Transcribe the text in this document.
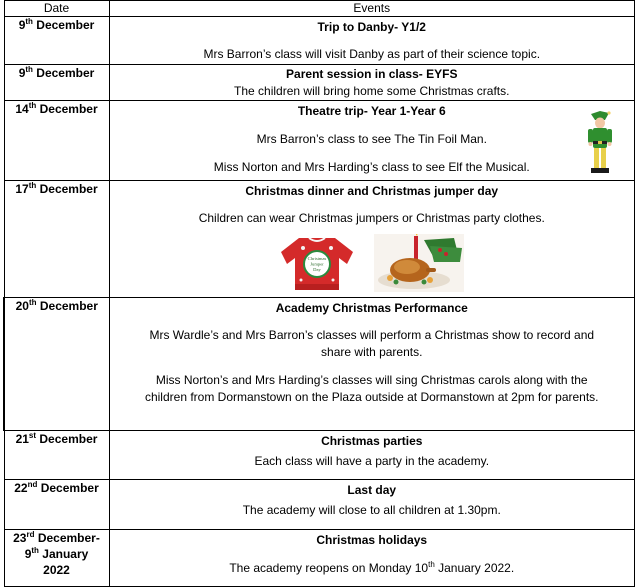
Date	Events
9th December	Trip to Danby- Y1/2
Mrs Barron’s class will visit Danby as part of their science topic.

9th December	Parent session in class- EYFS
The children will bring home some Christmas crafts.

14th December	Theatre trip- Year 1-Year 6
Mrs Barron’s class to see The Tin Foil Man.
Miss Norton and Mrs Harding’s class to see Elf the Musical.

17th December	Christmas dinner and Christmas jumper day
Children can wear Christmas jumpers or Christmas party clothes.
Christmas
Jumper
Day

20th December	Academy Christmas Performance
Mrs Wardle’s and Mrs Barron’s classes will perform a Christmas show to record and
share with parents.
Miss Norton’s and Mrs Harding’s classes will sing Christmas carols along with the
children from Dormanstown on the Plaza outside at Dormanstown at 2pm for parents.

21st December	Christmas parties
Each class will have a party in the academy.

22nd December	Last day
The academy will close to all children at 1.30pm.

23rd December-
9th January
2022	Christmas holidays
The academy reopens on Monday 10th January 2022.
